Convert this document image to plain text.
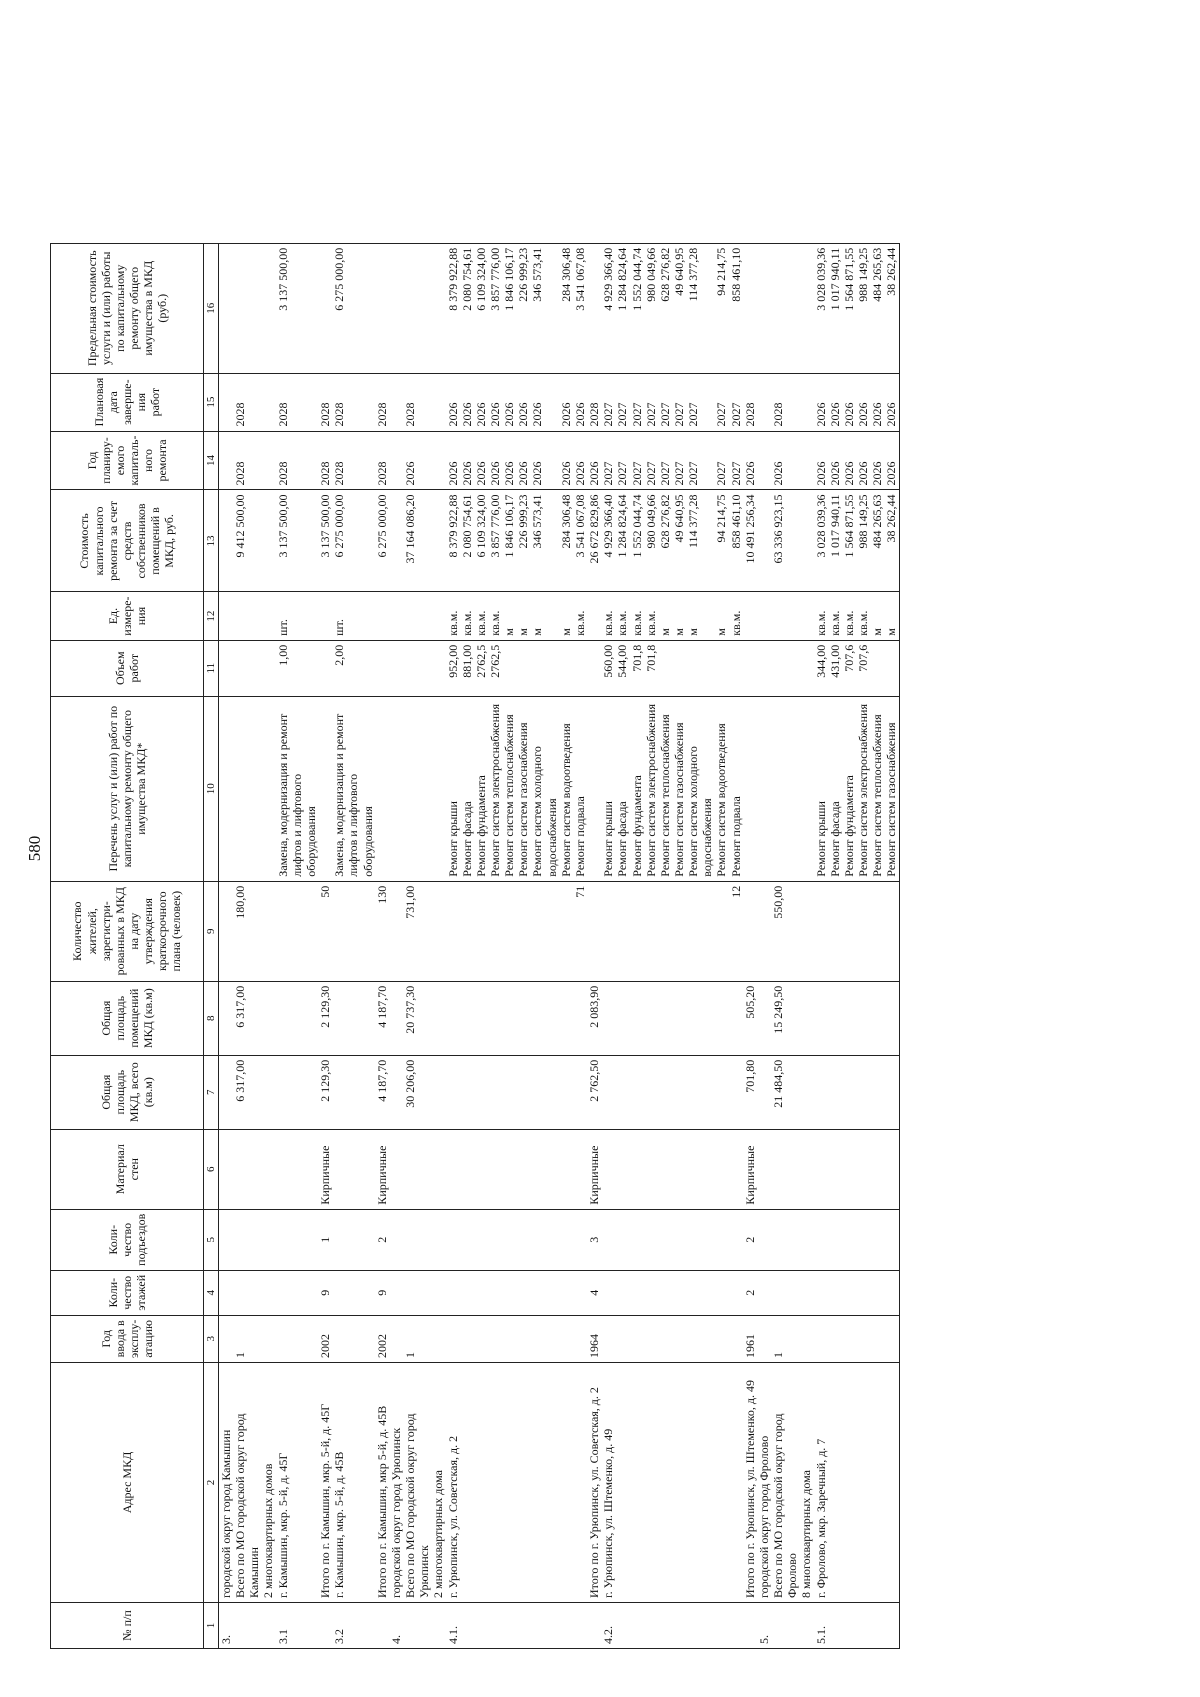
580
№ п/п	Адрес МКД	Год ввода в эксплу-атацию	Коли-чество этажей	Коли-чество подъездов	Материал стен	Общая площадь МКД, всего (кв.м)	Общая площадь помещений МКД (кв.м)	Количество жителей, зарегистри-рованных в МКД на дату утверждения краткосрочного плана (человек)	Перечень услуг и (или) работ по капитальному ремонту общего имущества МКД*	Объем работ	Ед. измере-ния	Стоимость капитального ремонта за счет средств собственников помещений в МКД, руб.	Год планиру-емого капиталь-ного ремонта	Плановая дата заверше-ния работ	Предельная стоимость услуги и (или) работы по капитальному ремонту общего имущества в МКД (руб.)
1	2	3	4	5	6	7	8	9	10	11	12	13	14	15	16
3.	городской округ город Камышин														
	Всего по МО городской округ город Камышин	1				6 317,00	6 317,00	180,00				9 412 500,00	2028	2028	
	2 многоквартирных домов														
3.1	г. Камышин, мкр. 5-й, д. 45Г								Замена, модернизация и ремонт лифтов и лифтового оборудования	1,00	шт.	3 137 500,00	2028	2028	3 137 500,00
	Итого по г. Камышин, мкр. 5-й, д. 45Г	2002	9	1	Кирпичные	2 129,30	2 129,30	50				3 137 500,00	2028	2028	
3.2	г. Камышин, мкр. 5-й, д. 45В								Замена, модернизация и ремонт лифтов и лифтового оборудования	2,00	шт.	6 275 000,00	2028	2028	6 275 000,00
	Итого по г. Камышин, мкр 5-й, д. 45В	2002	9	2	Кирпичные	4 187,70	4 187,70	130				6 275 000,00	2028	2028	
4.	городской округ город Урюпинск														
	Всего по МО городской округ город Урюпинск	1				30 206,00	20 737,30	731,00				37 164 086,20	2026	2028	
	2 многоквартирных дома														
4.1.	г. Урюпинск, ул. Советская, д. 2								Ремонт крыши	952,00	кв.м.	8 379 922,88	2026	2026	8 379 922,88
									Ремонт фасада	881,00	кв.м.	2 080 754,61	2026	2026	2 080 754,61
									Ремонт фундамента	2762,5	кв.м.	6 109 324,00	2026	2026	6 109 324,00
									Ремонт систем электроснабжения	2762,5	кв.м.	3 857 776,00	2026	2026	3 857 776,00
									Ремонт систем теплоснабжения		м	1 846 106,17	2026	2026	1 846 106,17
									Ремонт систем газоснабжения		м	226 999,23	2026	2026	226 999,23
									Ремонт систем холодного водоснабжения		м	346 573,41	2026	2026	346 573,41
									Ремонт систем водоотведения		м	284 306,48	2026	2026	284 306,48
								71	Ремонт подвала		кв.м.	3 541 067,08	2026	2026	3 541 067,08
	Итого по г. Урюпинск, ул. Советская, д. 2	1964	4	3	Кирпичные	2 762,50	2 083,90					26 672 829,86	2026	2028	
4.2.	г. Урюпинск, ул. Штеменко, д. 49								Ремонт крыши	560,00	кв.м.	4 929 366,40	2027	2027	4 929 366,40
									Ремонт фасада	544,00	кв.м.	1 284 824,64	2027	2027	1 284 824,64
									Ремонт фундамента	701,8	кв.м.	1 552 044,74	2027	2027	1 552 044,74
									Ремонт систем электроснабжения	701,8	кв.м.	980 049,66	2027	2027	980 049,66
									Ремонт систем теплоснабжения		м	628 276,82	2027	2027	628 276,82
									Ремонт систем газоснабжения		м	49 640,95	2027	2027	49 640,95
									Ремонт систем холодного водоснабжения		м	114 377,28	2027	2027	114 377,28
									Ремонт систем водоотведения		м	94 214,75	2027	2027	94 214,75
								12	Ремонт подвала		кв.м.	858 461,10	2027	2027	858 461,10
	Итого по г. Урюпинск, ул. Штеменко, д. 49	1961	2	2	Кирпичные	701,80	505,20					10 491 256,34	2026	2028	
5.	городской округ город Фролово														
	Всего по МО городской округ город Фролово	1				21 484,50	15 249,50	550,00				63 336 923,15	2026	2028	
	8 многоквартирных дома														
5.1.	г. Фролово, мкр. Заречный, д. 7								Ремонт крыши	344,00	кв.м.	3 028 039,36	2026	2026	3 028 039,36
									Ремонт фасада	431,00	кв.м.	1 017 940,11	2026	2026	1 017 940,11
									Ремонт фундамента	707,6	кв.м.	1 564 871,55	2026	2026	1 564 871,55
									Ремонт систем электроснабжения	707,6	кв.м.	988 149,25	2026	2026	988 149,25
									Ремонт систем теплоснабжения		м	484 265,63	2026	2026	484 265,63
									Ремонт систем газоснабжения		м	38 262,44	2026	2026	38 262,44
